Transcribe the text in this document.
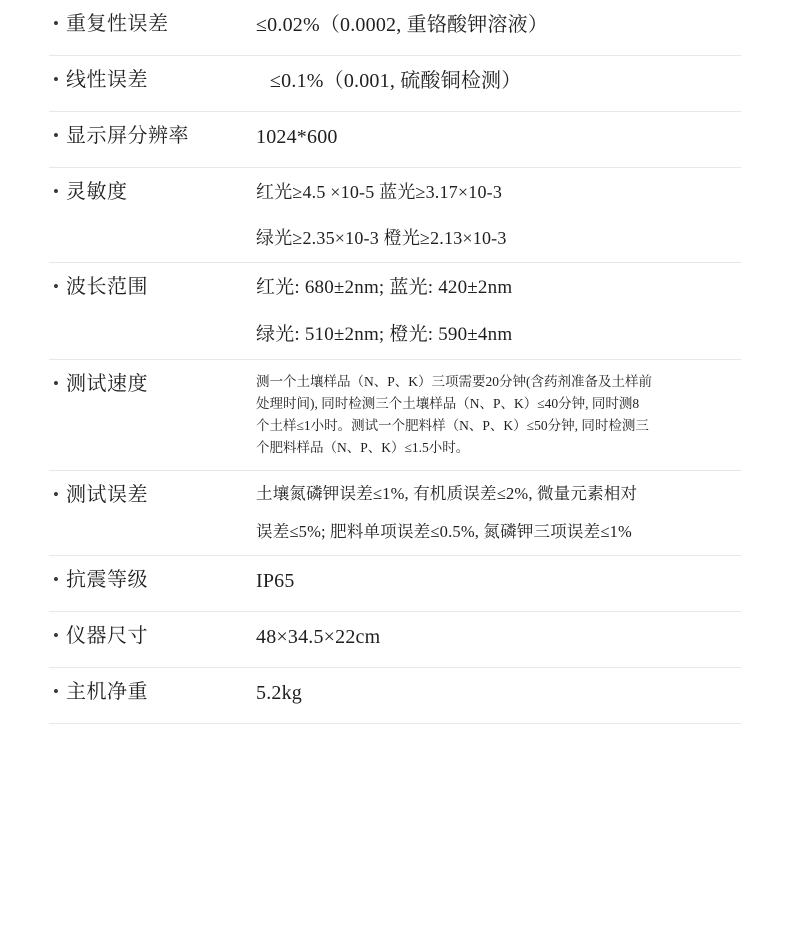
• 重复性误差	≤0.02%（0.0002, 重铬酸钾溶液）
• 线性误差	≤0.1%（0.001, 硫酸铜检测）
• 显示屏分辨率	1024*600
• 灵敏度	红光≥4.5 ×10-5 蓝光≥3.17×10-3
绿光≥2.35×10-3 橙光≥2.13×10-3
• 波长范围	红光: 680±2nm; 蓝光: 420±2nm
绿光: 510±2nm; 橙光: 590±4nm
• 测试速度	测一个土壤样品（N、P、K）三项需要20分钟(含药剂准备及土样前
处理时间), 同时检测三个土壤样品（N、P、K）≤40分钟, 同时测8
个土样≤1小时。测试一个肥料样（N、P、K）≤50分钟, 同时检测三
个肥料样品（N、P、K）≤1.5小时。
• 测试误差	土壤氮磷钾误差≤1%, 有机质误差≤2%, 微量元素相对
误差≤5%; 肥料单项误差≤0.5%, 氮磷钾三项误差≤1%
• 抗震等级	IP65
• 仪器尺寸	48×34.5×22cm
• 主机净重	5.2kg
